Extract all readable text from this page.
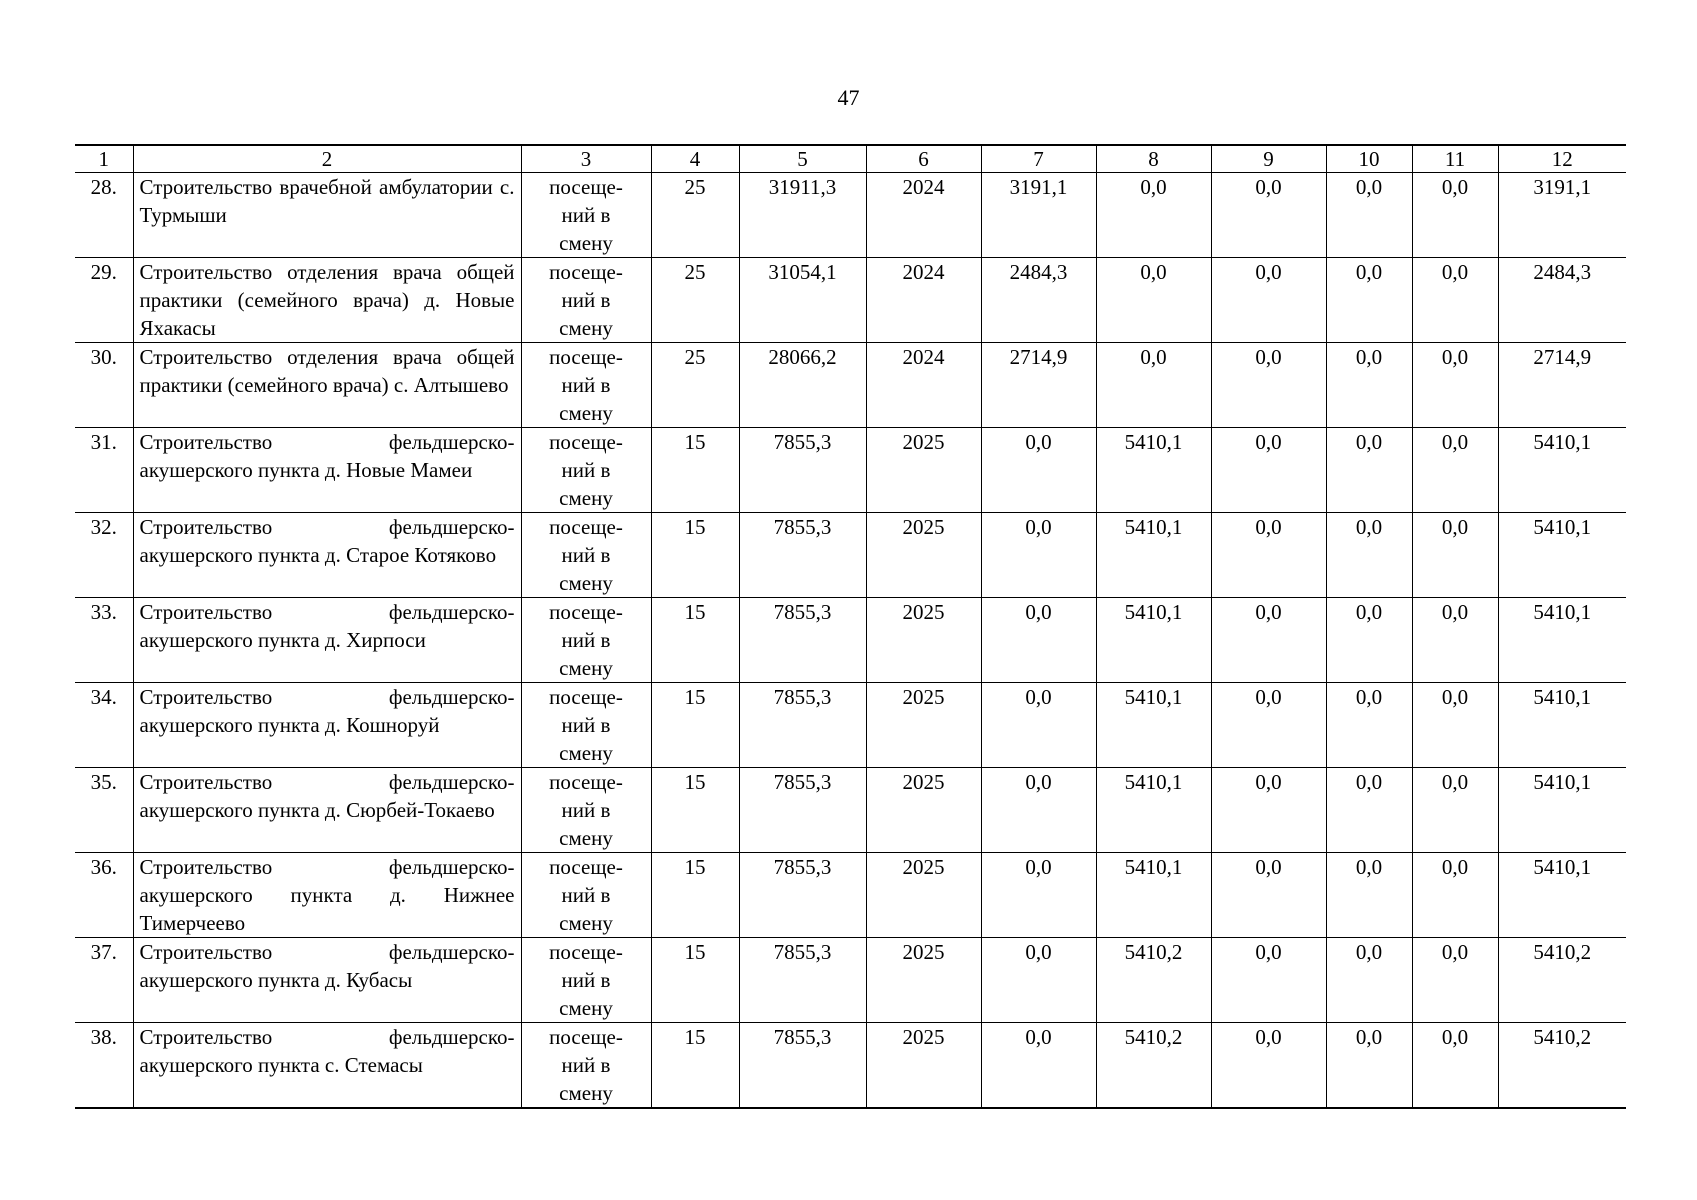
47
1	2	3	4	5	6	7	8	9	10	11	12
28.	Строительство врачебной амбулатории с. Турмыши	посеще-
ний в
смену	25	31911,3	2024	3191,1	0,0	0,0	0,0	0,0	3191,1
29.	Строительство отделения врача общей практики (семейного врача) д. Новые Яхакасы	посеще-
ний в
смену	25	31054,1	2024	2484,3	0,0	0,0	0,0	0,0	2484,3
30.	Строительство отделения врача общей практики (семейного врача) с. Алтышево	посеще-
ний в
смену	25	28066,2	2024	2714,9	0,0	0,0	0,0	0,0	2714,9
31.	Строительство фельдшерско-акушерского пункта д. Новые Мамеи	посеще-
ний в
смену	15	7855,3	2025	0,0	5410,1	0,0	0,0	0,0	5410,1
32.	Строительство фельдшерско-акушерского пункта д. Старое Котяково	посеще-
ний в
смену	15	7855,3	2025	0,0	5410,1	0,0	0,0	0,0	5410,1
33.	Строительство фельдшерско-акушерского пункта д. Хирпоси	посеще-
ний в
смену	15	7855,3	2025	0,0	5410,1	0,0	0,0	0,0	5410,1
34.	Строительство фельдшерско-акушерского пункта д. Кошноруй	посеще-
ний в
смену	15	7855,3	2025	0,0	5410,1	0,0	0,0	0,0	5410,1
35.	Строительство фельдшерско-акушерского пункта д. Сюрбей-Токаево	посеще-
ний в
смену	15	7855,3	2025	0,0	5410,1	0,0	0,0	0,0	5410,1
36.	Строительство фельдшерско-акушерского пункта д. Нижнее Тимерчеево	посеще-
ний в
смену	15	7855,3	2025	0,0	5410,1	0,0	0,0	0,0	5410,1
37.	Строительство фельдшерско-акушерского пункта д. Кубасы	посеще-
ний в
смену	15	7855,3	2025	0,0	5410,2	0,0	0,0	0,0	5410,2
38.	Строительство фельдшерско-акушерского пункта с. Стемасы	посеще-
ний в
смену	15	7855,3	2025	0,0	5410,2	0,0	0,0	0,0	5410,2
